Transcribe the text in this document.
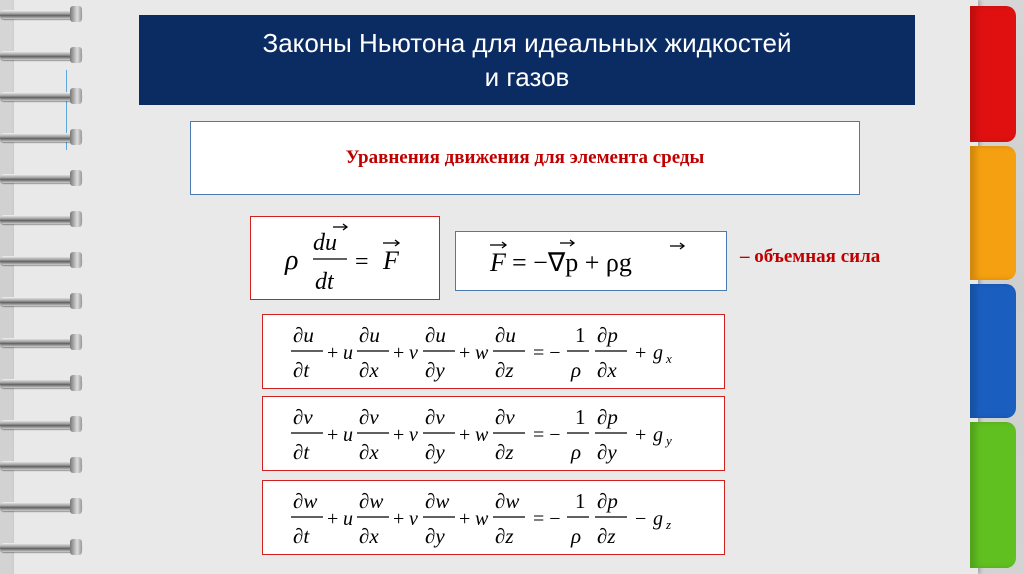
Законы Ньютона для идеальных жидкостей
и газов
Уравнения движения для элемента среды
ρ
du
dt
= F	F = −∇p + ρg	– объемная сила
∂u
∂t
+ u
∂u
∂x
+ v
∂u
∂y
+ w
∂u
∂z
= −
1
ρ
∂p
∂x
+ g x
∂v
∂t
+ u
∂v
∂x
+ v
∂v
∂y
+ w
∂v
∂z
= −
1
ρ
∂p
∂y
+ g y
∂w
∂t
+ u
∂w
∂x
+ v
∂w
∂y
+ w
∂w
∂z
= −
1
ρ
∂p
∂z
− g z
